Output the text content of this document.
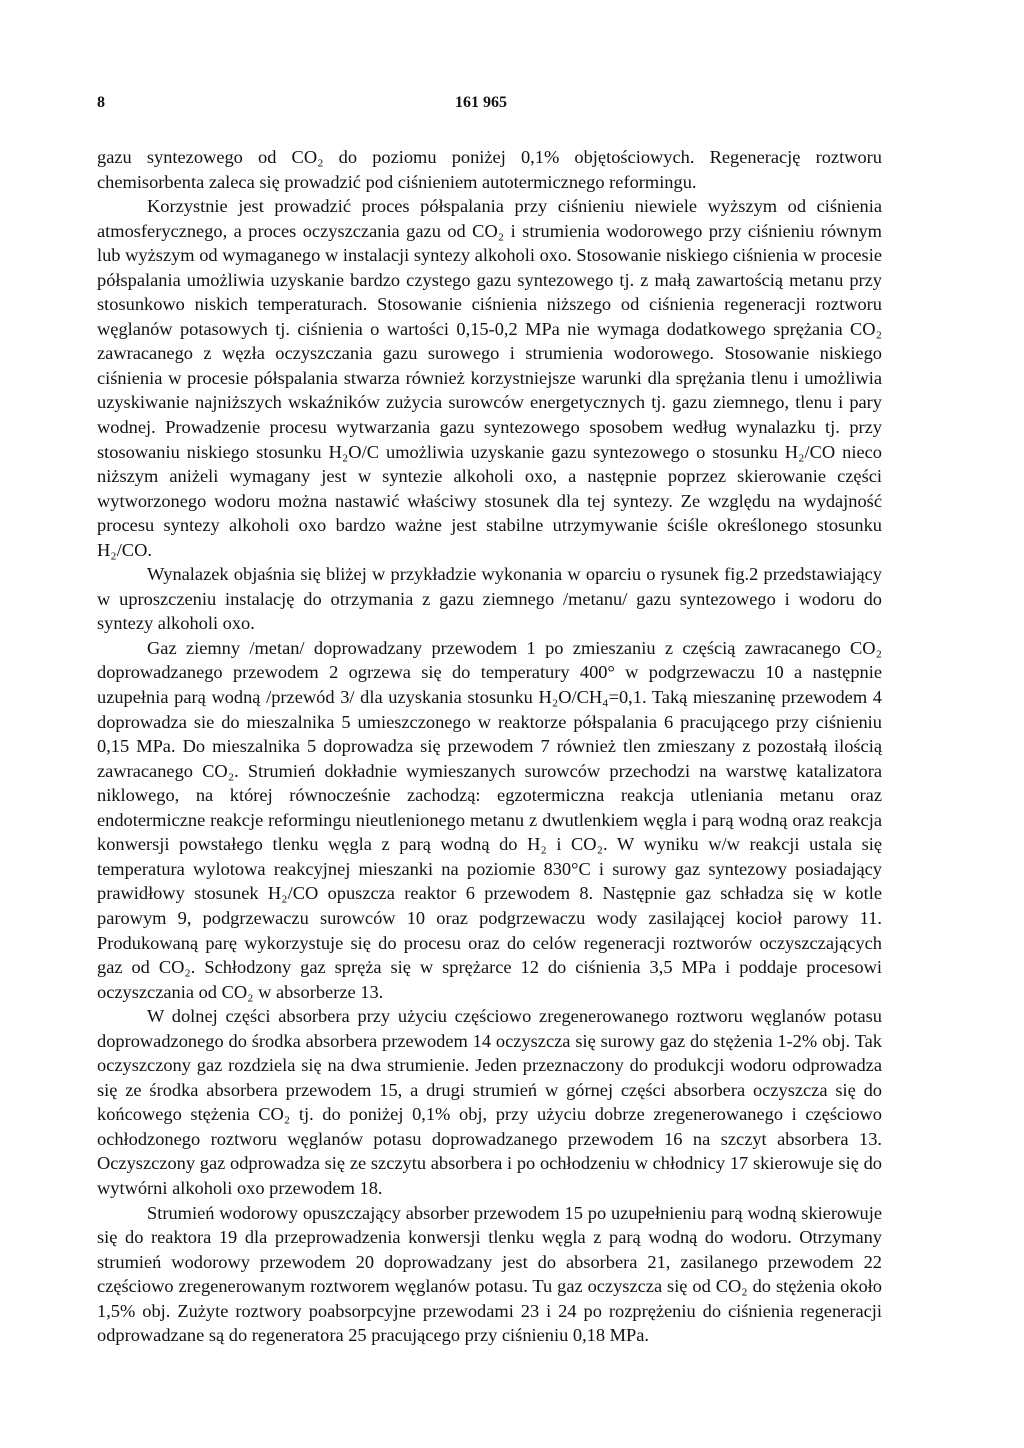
8	161 965

gazu syntezowego od CO₂ do poziomu poniżej 0,1% objętościowych. Regenerację roztworu chemisorbenta zaleca się prowadzić pod ciśnieniem autotermicznego reformingu.

Korzystnie jest prowadzić proces półspalania przy ciśnieniu niewiele wyższym od ciśnienia atmosferycznego, a proces oczyszczania gazu od CO₂ i strumienia wodorowego przy ciśnieniu równym lub wyższym od wymaganego w instalacji syntezy alkoholi oxo. Stosowanie niskiego ciśnienia w procesie półspalania umożliwia uzyskanie bardzo czystego gazu syntezowego tj. z małą zawartością metanu przy stosunkowo niskich temperaturach. Stosowanie ciśnienia niższego od ciśnienia regeneracji roztworu węglanów potasowych tj. ciśnienia o wartości 0,15-0,2 MPa nie wymaga dodatkowego sprężania CO₂ zawracanego z węzła oczyszczania gazu surowego i strumienia wodorowego. Stosowanie niskiego ciśnienia w procesie półspalania stwarza również korzystniejsze warunki dla sprężania tlenu i umożliwia uzyskiwanie najniższych wskaźników zużycia surowców energetycznych tj. gazu ziemnego, tlenu i pary wodnej. Prowadzenie procesu wytwarzania gazu syntezowego sposobem według wynalazku tj. przy stosowaniu niskiego stosunku H₂O/C umożliwia uzyskanie gazu syntezowego o stosunku H₂/CO nieco niższym aniżeli wymagany jest w syntezie alkoholi oxo, a następnie poprzez skierowanie części wytworzonego wodoru można nastawić właściwy stosunek dla tej syntezy. Ze względu na wydajność procesu syntezy alkoholi oxo bardzo ważne jest stabilne utrzymywanie ściśle określonego stosunku H₂/CO.

Wynalazek objaśnia się bliżej w przykładzie wykonania w oparciu o rysunek fig.2 przedstawiający w uproszczeniu instalację do otrzymania z gazu ziemnego /metanu/ gazu syntezowego i wodoru do syntezy alkoholi oxo.

Gaz ziemny /metan/ doprowadzany przewodem 1 po zmieszaniu z częścią zawracanego CO₂ doprowadzanego przewodem 2 ogrzewa się do temperatury 400° w podgrzewaczu 10 a następnie uzupełnia parą wodną /przewód 3/ dla uzyskania stosunku H₂O/CH₄=0,1. Taką mieszaninę przewodem 4 doprowadza sie do mieszalnika 5 umieszczonego w reaktorze półspalania 6 pracującego przy ciśnieniu 0,15 MPa. Do mieszalnika 5 doprowadza się przewodem 7 również tlen zmieszany z pozostałą ilością zawracanego CO₂. Strumień dokładnie wymieszanych surowców przechodzi na warstwę katalizatora niklowego, na której równocześnie zachodzą: egzotermiczna reakcja utleniania metanu oraz endotermiczne reakcje reformingu nieutlenionego metanu z dwutlenkiem węgla i parą wodną oraz reakcja konwersji powstałego tlenku węgla z parą wodną do H₂ i CO₂. W wyniku w/w reakcji ustala się temperatura wylotowa reakcyjnej mieszanki na poziomie 830°C i surowy gaz syntezowy posiadający prawidłowy stosunek H₂/CO opuszcza reaktor 6 przewodem 8. Następnie gaz schładza się w kotle parowym 9, podgrzewaczu surowców 10 oraz podgrzewaczu wody zasilającej kocioł parowy 11. Produkowaną parę wykorzystuje się do procesu oraz do celów regeneracji roztworów oczyszczających gaz od CO₂. Schłodzony gaz spręża się w sprężarce 12 do ciśnienia 3,5 MPa i poddaje procesowi oczyszczania od CO₂ w absorberze 13.

W dolnej części absorbera przy użyciu częściowo zregenerowanego roztworu węglanów potasu doprowadzonego do środka absorbera przewodem 14 oczyszcza się surowy gaz do stężenia 1-2% obj. Tak oczyszczony gaz rozdziela się na dwa strumienie. Jeden przeznaczony do produkcji wodoru odprowadza się ze środka absorbera przewodem 15, a drugi strumień w górnej części absorbera oczyszcza się do końcowego stężenia CO₂ tj. do poniżej 0,1% obj, przy użyciu dobrze zregenerowanego i częściowo ochłodzonego roztworu węglanów potasu doprowadzanego przewodem 16 na szczyt absorbera 13. Oczyszczony gaz odprowadza się ze szczytu absorbera i po ochłodzeniu w chłodnicy 17 skierowuje się do wytwórni alkoholi oxo przewodem 18.

Strumień wodorowy opuszczający absorber przewodem 15 po uzupełnieniu parą wodną skierowuje się do reaktora 19 dla przeprowadzenia konwersji tlenku węgla z parą wodną do wodoru. Otrzymany strumień wodorowy przewodem 20 doprowadzany jest do absorbera 21, zasilanego przewodem 22 częściowo zregenerowanym roztworem węglanów potasu. Tu gaz oczyszcza się od CO₂ do stężenia około 1,5% obj. Zużyte roztwory poabsorpcyjne przewodami 23 i 24 po rozprężeniu do ciśnienia regeneracji odprowadzane są do regeneratora 25 pracującego przy ciśnieniu 0,18 MPa.
